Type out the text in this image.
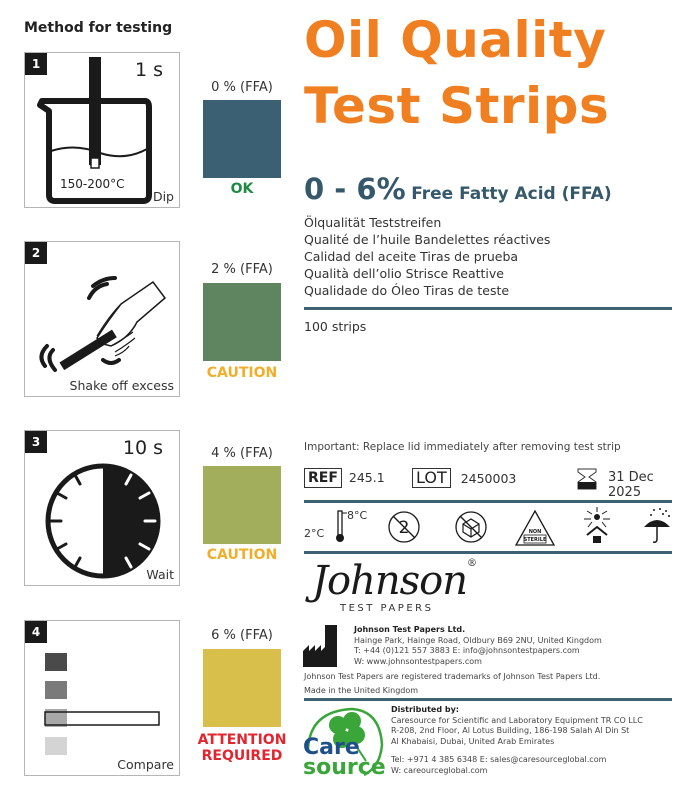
Method for testing
1	1 s
150-200°C
Dip
2
Shake off excess
3	10 s
Wait
4
Compare
0 % (FFA)
OK
2 % (FFA)
CAUTION
4 % (FFA)
CAUTION
6 % (FFA)
ATTENTION
REQUIRED
Oil Quality
Test Strips
0 - 6% Free Fatty Acid (FFA)
Ölqualität Teststreifen
Qualité de l’huile Bandelettes réactives
Calidad del aceite Tiras de prueba
Qualità dell’olio Strisce Reattive
Qualidade do Óleo Tiras de teste
100 strips
Important: Replace lid immediately after removing test strip
REF 245.1 LOT 2450003	31 Dec 2025
2°C
8°C
2	NON
STERILE
Johnson®
TEST PAPERS
Johnson Test Papers Ltd.
Hainge Park, Hainge Road, Oldbury B69 2NU, United Kingdom
T: +44 (0)121 557 3883 E: info@johnsontestpapers.com
W: www.johnsontestpapers.com
Johnson Test Papers are registered trademarks of Johnson Test Papers Ltd.
Made in the United Kingdom
Care
source
Distributed by:
Caresource for Scientific and Laboratory Equipment TR CO LLC
R-208, 2nd Floor, Al Lotus Building, 186-198 Salah Al Din St
Al Khabaisi, Dubai, United Arab Emirates
Tel: +971 4 385 6348 E: sales@caresourceglobal.com
W: careourceglobal.com
